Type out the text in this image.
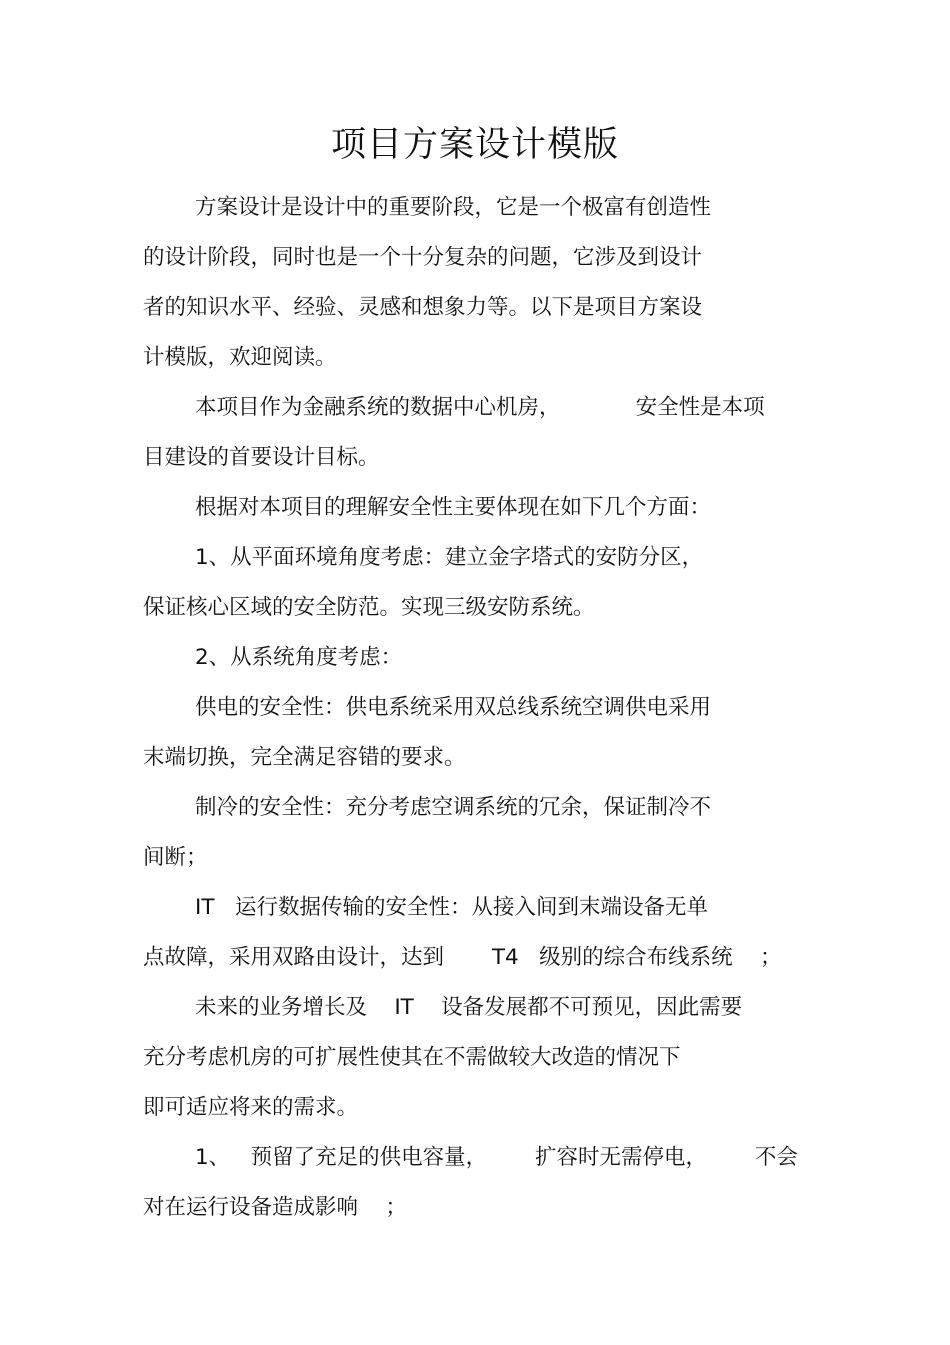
项目方案设计模版
方案设计是设计中的重要阶段，它是一个极富有创造性
的设计阶段，同时也是一个十分复杂的问题，它涉及到设计
者的知识水平、经验、灵感和想象力等。以下是项目方案设
计模版，欢迎阅读。
本项目作为金融系统的数据中心机房，           安全性是本项
目建设的首要设计目标。
根据对本项目的理解安全性主要体现在如下几个方面：
1、从平面环境角度考虑：建立金字塔式的安防分区，
保证核心区域的安全防范。实现三级安防系统。
2、从系统角度考虑：
供电的安全性：供电系统采用双总线系统空调供电采用
末端切换，完全满足容错的要求。
制冷的安全性：充分考虑空调系统的冗余，保证制冷不
间断；
IT   运行数据传输的安全性：从接入间到末端设备无单
点故障，采用双路由设计，达到       T4   级别的综合布线系统    ；
未来的业务增长及    IT    设备发展都不可预见，因此需要
充分考虑机房的可扩展性使其在不需做较大改造的情况下
即可适应将来的需求。
1、   预留了充足的供电容量，       扩容时无需停电，       不会
对在运行设备造成影响    ；
